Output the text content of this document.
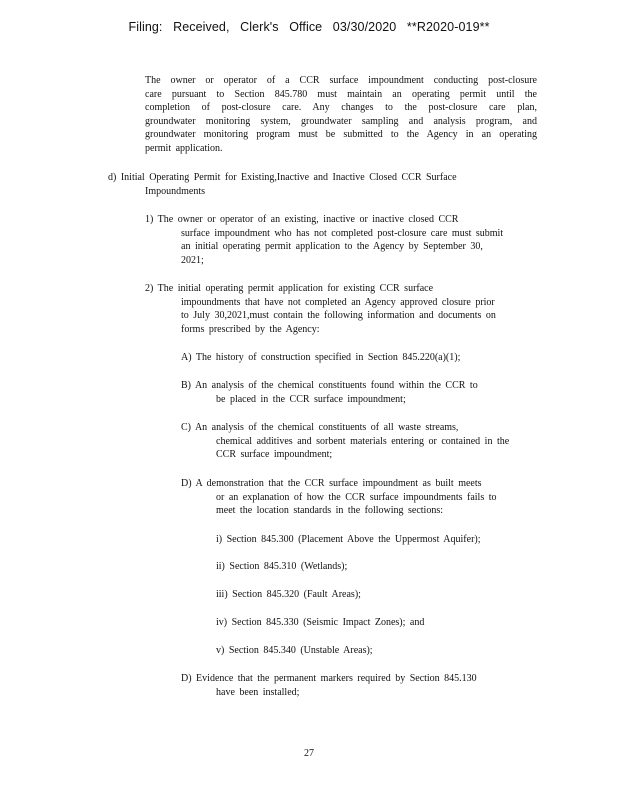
Filing: Received, Clerk's Office 03/30/2020 **R2020-019**
The owner or operator of a CCR surface impoundment conducting post-closure
care pursuant to Section 845.780 must maintain an operating permit until the
completion of post-closure care. Any changes to the post-closure care plan,
groundwater monitoring system, groundwater sampling and analysis program, and
groundwater monitoring program must be submitted to the Agency in an operating
permit application.
d) Initial Operating Permit for Existing,Inactive and Inactive Closed CCR Surface
Impoundments
1) The owner or operator of an existing, inactive or inactive closed CCR
surface impoundment who has not completed post-closure care must submit
an initial operating permit application to the Agency by September 30,
2021;
2) The initial operating permit application for existing CCR surface
impoundments that have not completed an Agency approved closure prior
to July 30,2021,must contain the following information and documents on
forms prescribed by the Agency:
A) The history of construction specified in Section 845.220(a)(1);
B) An analysis of the chemical constituents found within the CCR to
be placed in the CCR surface impoundment;
C) An analysis of the chemical constituents of all waste streams,
chemical additives and sorbent materials entering or contained in the
CCR surface impoundment;
D) A demonstration that the CCR surface impoundment as built meets
or an explanation of how the CCR surface impoundments fails to
meet the location standards in the following sections:
i) Section 845.300 (Placement Above the Uppermost Aquifer);
ii) Section 845.310 (Wetlands);
iii) Section 845.320 (Fault Areas);
iv) Section 845.330 (Seismic Impact Zones); and
v) Section 845.340 (Unstable Areas);
D) Evidence that the permanent markers required by Section 845.130
have been installed;
27
